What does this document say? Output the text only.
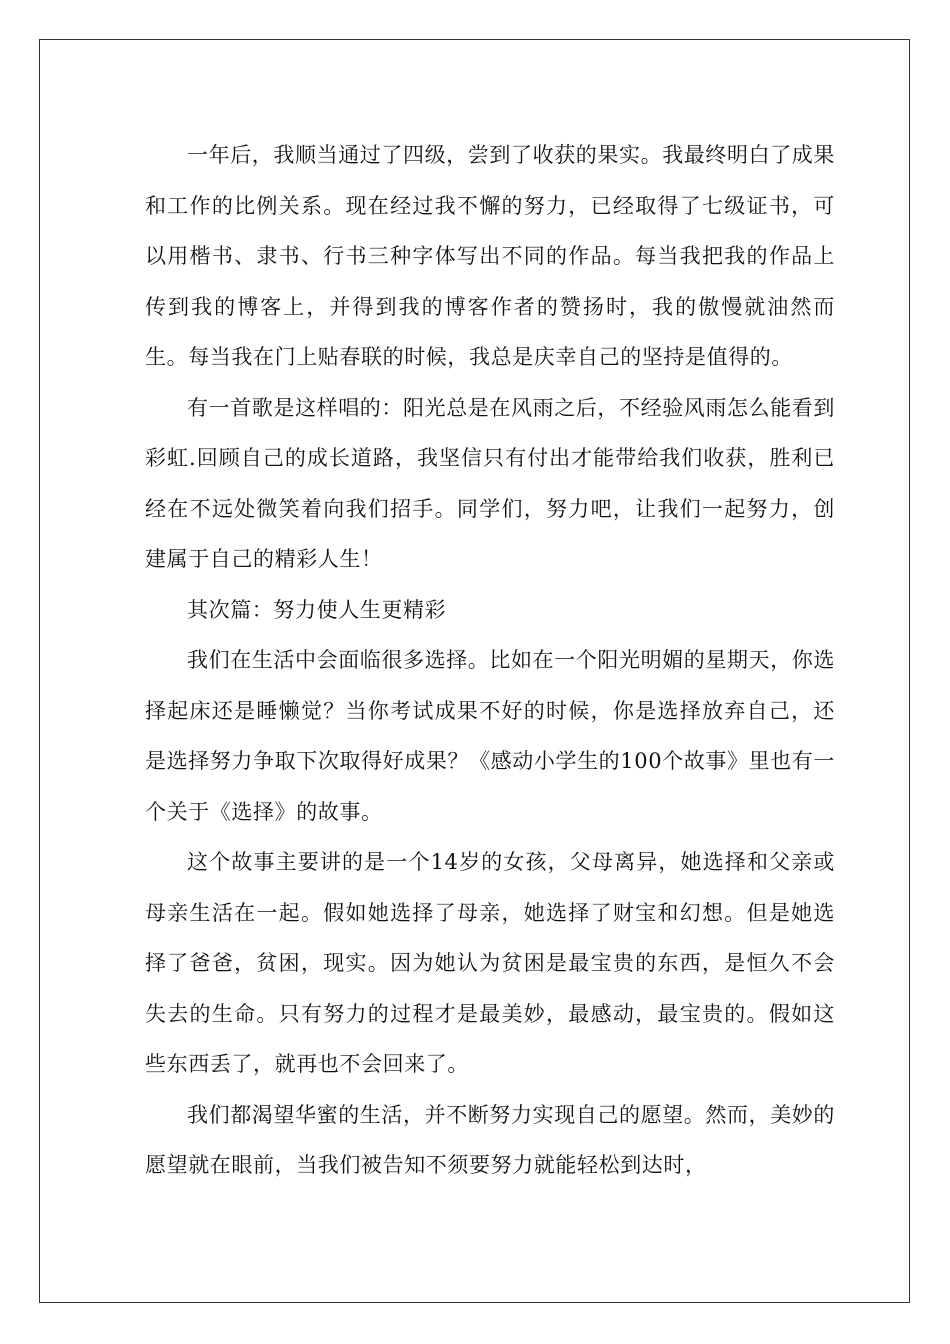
一年后，我顺当通过了四级，尝到了收获的果实。我最终明白了成果和工作的比例关系。现在经过我不懈的努力，已经取得了七级证书，可以用楷书、隶书、行书三种字体写出不同的作品。每当我把我的作品上传到我的博客上，并得到我的博客作者的赞扬时，我的傲慢就油然而生。每当我在门上贴春联的时候，我总是庆幸自己的坚持是值得的。

有一首歌是这样唱的：阳光总是在风雨之后，不经验风雨怎么能看到彩虹.回顾自己的成长道路，我坚信只有付出才能带给我们收获，胜利已经在不远处微笑着向我们招手。同学们，努力吧，让我们一起努力，创建属于自己的精彩人生！

其次篇：努力使人生更精彩

我们在生活中会面临很多选择。比如在一个阳光明媚的星期天，你选择起床还是睡懒觉？当你考试成果不好的时候，你是选择放弃自己，还是选择努力争取下次取得好成果？《感动小学生的100个故事》里也有一个关于《选择》的故事。

这个故事主要讲的是一个14岁的女孩，父母离异，她选择和父亲或母亲生活在一起。假如她选择了母亲，她选择了财宝和幻想。但是她选择了爸爸，贫困，现实。因为她认为贫困是最宝贵的东西，是恒久不会失去的生命。只有努力的过程才是最美妙，最感动，最宝贵的。假如这些东西丢了，就再也不会回来了。

我们都渴望华蜜的生活，并不断努力实现自己的愿望。然而，美妙的愿望就在眼前，当我们被告知不须要努力就能轻松到达时，
